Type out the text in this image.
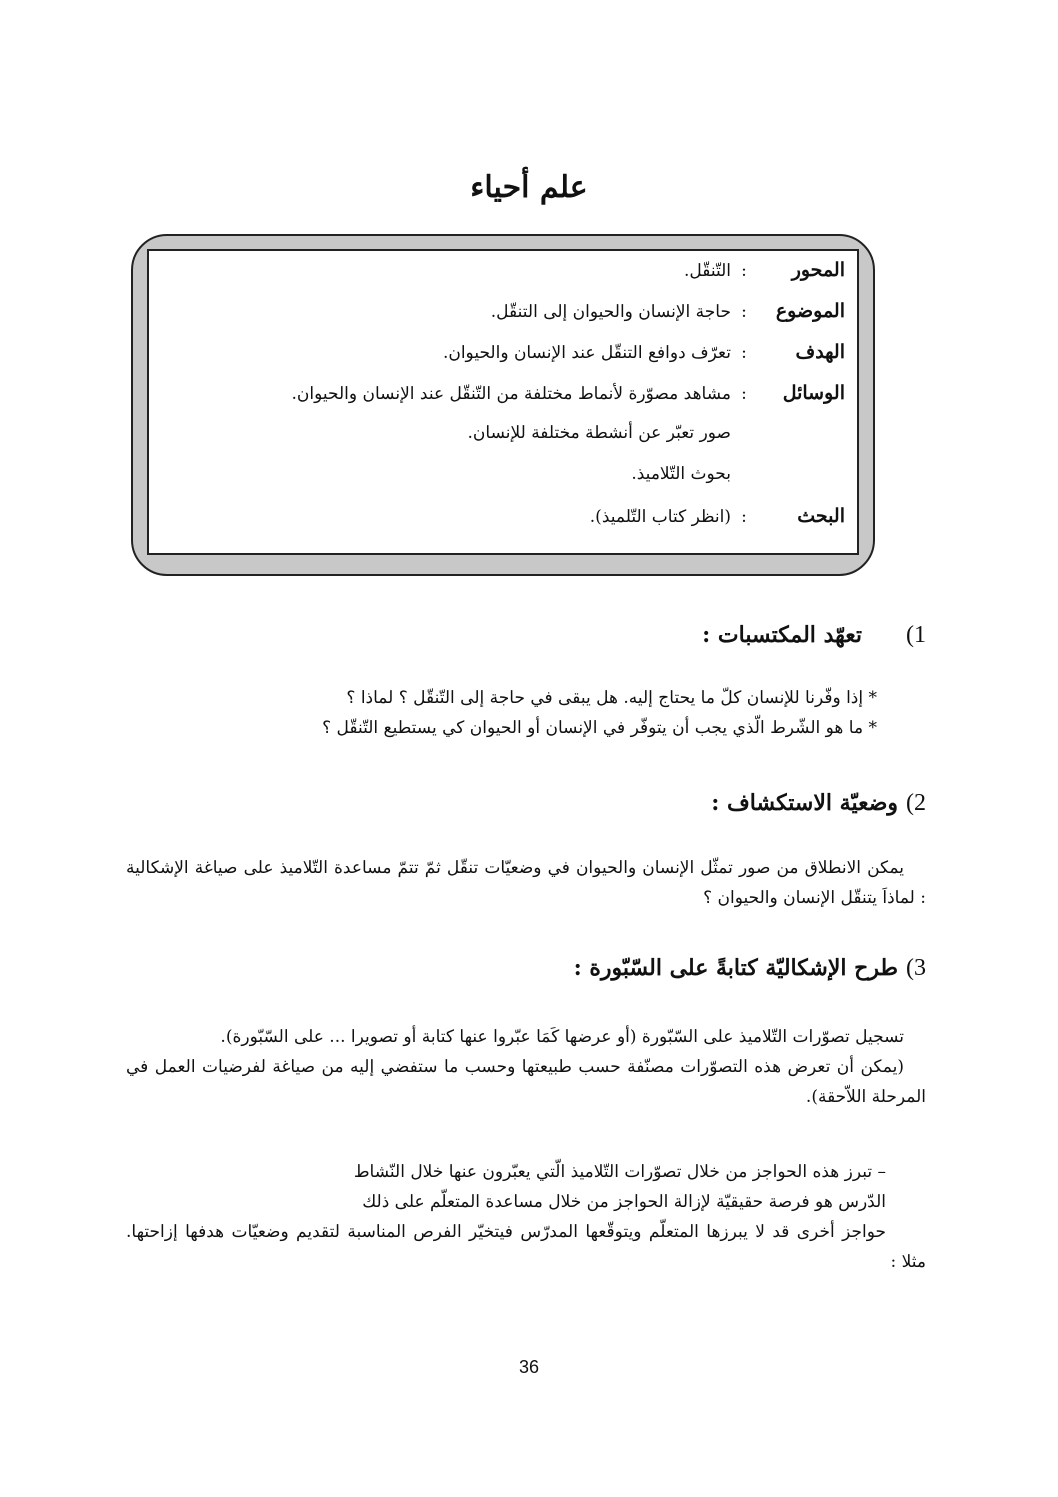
علم أحياء
المحور
:
التّنقّل.
الموضوع
:
حاجة الإنسان والحيوان إلى التنقّل.
الهدف
:
تعرّف دوافع التنقّل عند الإنسان والحيوان.
الوسائل
:
مشاهد مصوّرة لأنماط مختلفة من التّنقّل عند الإنسان والحيوان.
صور تعبّر عن أنشطة مختلفة للإنسان.
بحوث التّلاميذ.
البحث
:
(انظر كتاب التّلميذ).
1)
تعهّد المكتسبات :
* إذا وفّرنا للإنسان كلّ ما يحتاج إليه. هل يبقى في حاجة إلى التّنقّل ؟ لماذا ؟
* ما هو الشّرط الّذي يجب أن يتوفّر في الإنسان أو الحيوان كي يستطيع التّنقّل ؟
2)
وضعيّة الاستكشاف :

يمكن الانطلاق من صور تمثّل الإنسان والحيوان في وضعيّات تنقّل ثمّ تتمّ مساعدة التّلاميذ على صياغة الإشكالية : لماذاَ يتنقّل الإنسان والحيوان ؟

3)
طرح الإشكاليّة كتابةً على السّبّورة :

تسجيل تصوّرات التّلاميذ على السّبّورة (أو عرضها كَمَا عبّروا عنها كتابة أو تصويرا ... على السّبّورة).

(يمكن أن تعرض هذه التصوّرات مصنّفة حسب طبيعتها وحسب ما ستفضي إليه من صياغة لفرضيات العمل في المرحلة اللاّحقة).

– تبرز هذه الحواجز من خلال تصوّرات التّلاميذ الّتي يعبّرون عنها خلال النّشاط

الدّرس هو فرصة حقيقيّة لإزالة الحواجز من خلال مساعدة المتعلّم على ذلك

حواجز أخرى قد لا يبرزها المتعلّم ويتوقّعها المدرّس فيتخيّر الفرص المناسبة لتقديم وضعيّات هدفها إزاحتها. مثلا :

36
